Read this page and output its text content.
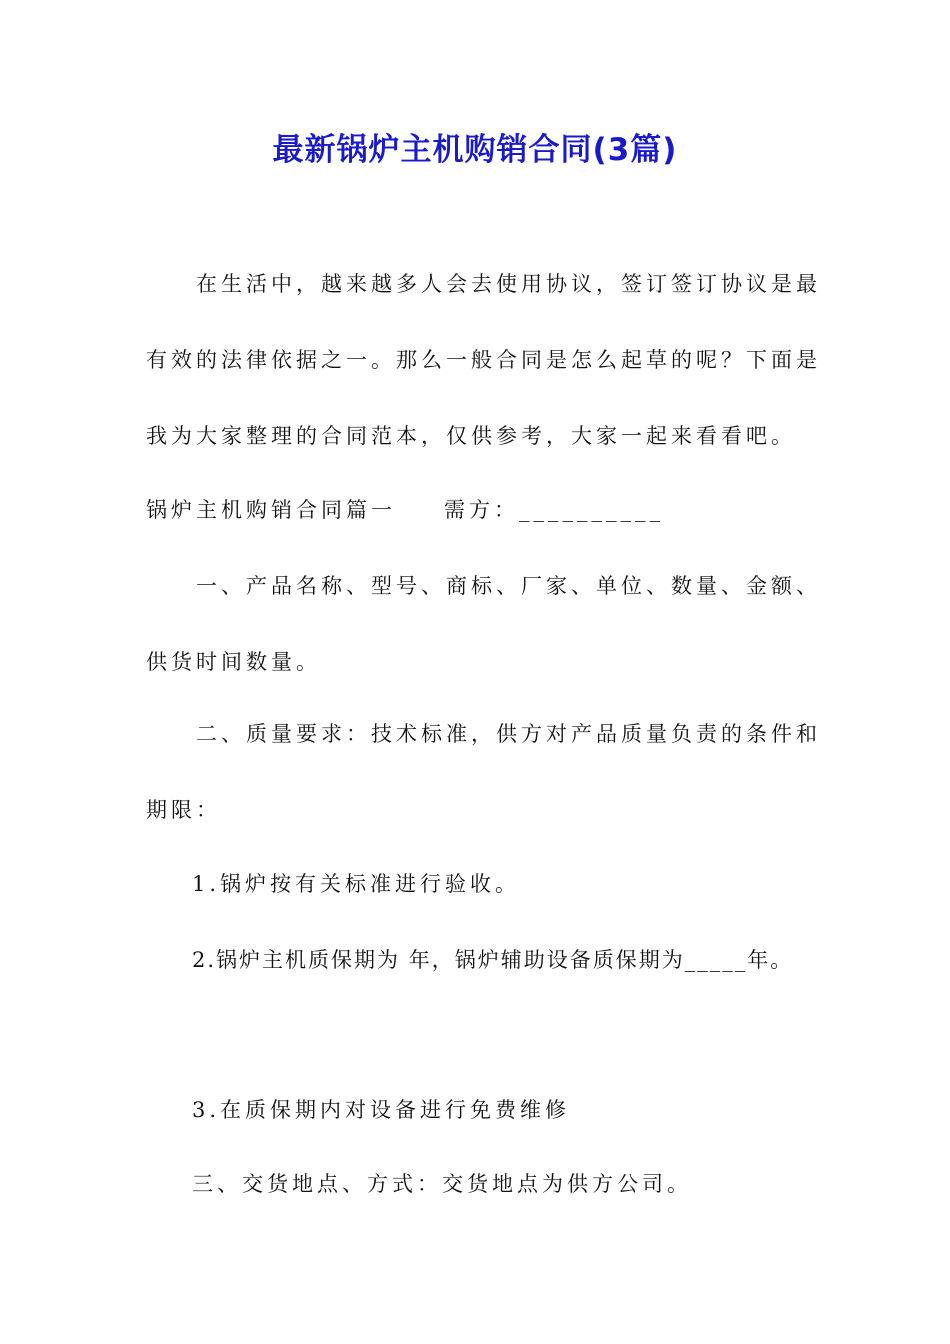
最新锅炉主机购销合同(3篇)
在生活中，越来越多人会去使用协议，签订签订协议是最
有效的法律依据之一。那么一般合同是怎么起草的呢？下面是
我为大家整理的合同范本，仅供参考，大家一起来看看吧。
锅炉主机购销合同篇一 需方：__________
一、产品名称、型号、商标、厂家、单位、数量、金额、
供货时间数量。
二、质量要求：技术标准，供方对产品质量负责的条件和
期限：
1.锅炉按有关标准进行验收。
2.锅炉主机质保期为 年，锅炉辅助设备质保期为_____年。
3.在质保期内对设备进行免费维修
三、交货地点、方式：交货地点为供方公司。
